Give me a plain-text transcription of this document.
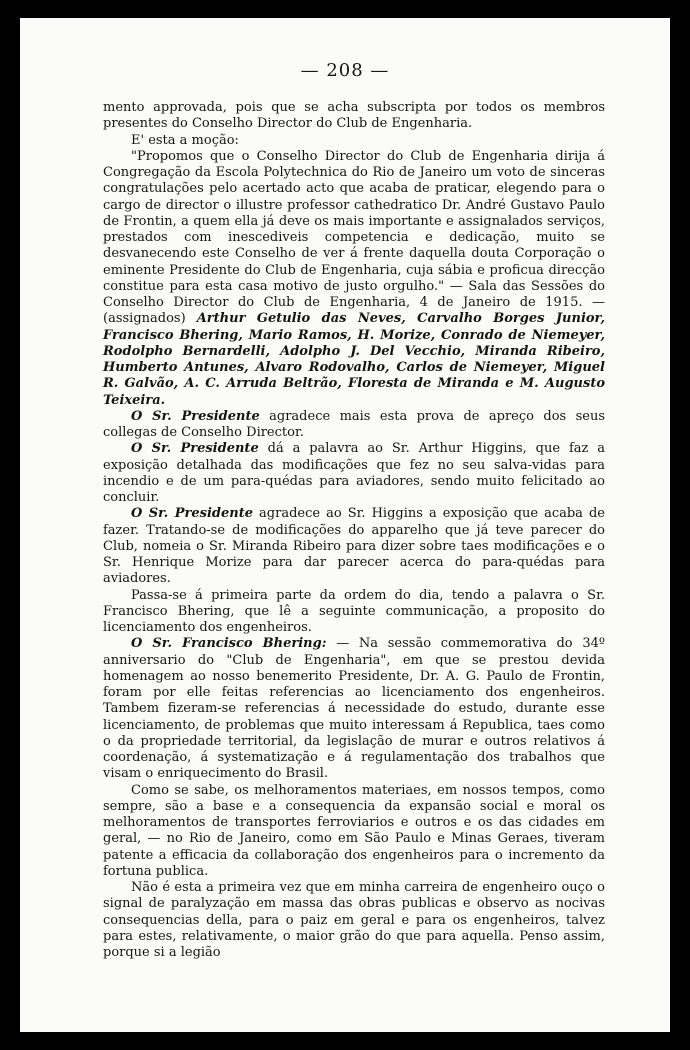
— 208 —

mento approvada, pois que se acha subscripta por todos os membros presentes do Conselho Director do Club de Engenharia.

E' esta a moção:

"Propomos que o Conselho Director do Club de Engenharia dirija á Congregação da Escola Polytechnica do Rio de Janeiro um voto de sinceras congratulações pelo acertado acto que acaba de praticar, elegendo para o cargo de director o illustre professor cathedratico Dr. André Gustavo Paulo de Frontin, a quem ella já deve os mais importante e assignalados serviços, prestados com inescediveis competencia e dedicação, muito se desvanecendo este Conselho de ver á frente daquella douta Corporação o eminente Presidente do Club de Engenharia, cuja sábia e proficua direcção constitue para esta casa motivo de justo orgulho." — Sala das Sessões do Conselho Director do Club de Engenharia, 4 de Janeiro de 1915. — (assignados) Arthur Getulio das Neves, Carvalho Borges Junior, Francisco Bhering, Mario Ramos, H. Morize, Conrado de Niemeyer, Rodolpho Bernardelli, Adolpho J. Del Vecchio, Miranda Ribeiro, Humberto Antunes, Alvaro Rodovalho, Carlos de Niemeyer, Miguel R. Galvão, A. C. Arruda Beltrão, Floresta de Miranda e M. Augusto Teixeira.

O Sr. Presidente agradece mais esta prova de apreço dos seus collegas de Conselho Director.

O Sr. Presidente dá a palavra ao Sr. Arthur Higgins, que faz a exposição detalhada das modificações que fez no seu salva-vidas para incendio e de um para-quédas para aviadores, sendo muito felicitado ao concluir.

O Sr. Presidente agradece ao Sr. Higgins a exposição que acaba de fazer. Tratando-se de modificações do apparelho que já teve parecer do Club, nomeia o Sr. Miranda Ribeiro para dizer sobre taes modificações e o Sr. Henrique Morize para dar parecer acerca do para-quédas para aviadores.

Passa-se á primeira parte da ordem do dia, tendo a palavra o Sr. Francisco Bhering, que lê a seguinte communicação, a proposito do licenciamento dos engenheiros.

O Sr. Francisco Bhering: — Na sessão commemorativa do 34º anniversario do "Club de Engenharia", em que se prestou devida homenagem ao nosso benemerito Presidente, Dr. A. G. Paulo de Frontin, foram por elle feitas referencias ao licenciamento dos engenheiros. Tambem fizeram-se referencias á necessidade do estudo, durante esse licenciamento, de problemas que muito interessam á Republica, taes como o da propriedade territorial, da legislação de murar e outros relativos á coordenação, á systematização e á regulamentação dos trabalhos que visam o enriquecimento do Brasil.

Como se sabe, os melhoramentos materiaes, em nossos tempos, como sempre, são a base e a consequencia da expansão social e moral os melhoramentos de transportes ferroviarios e outros e os das cidades em geral, — no Rio de Janeiro, como em São Paulo e Minas Geraes, tiveram patente a efficacia da collaboração dos engenheiros para o incremento da fortuna publica.

Não é esta a primeira vez que em minha carreira de engenheiro ouço o signal de paralyzação em massa das obras publicas e observo as nocivas consequencias della, para o paiz em geral e para os engenheiros, talvez para estes, relativamente, o maior grão do que para aquella. Penso assim, porque si a legião
